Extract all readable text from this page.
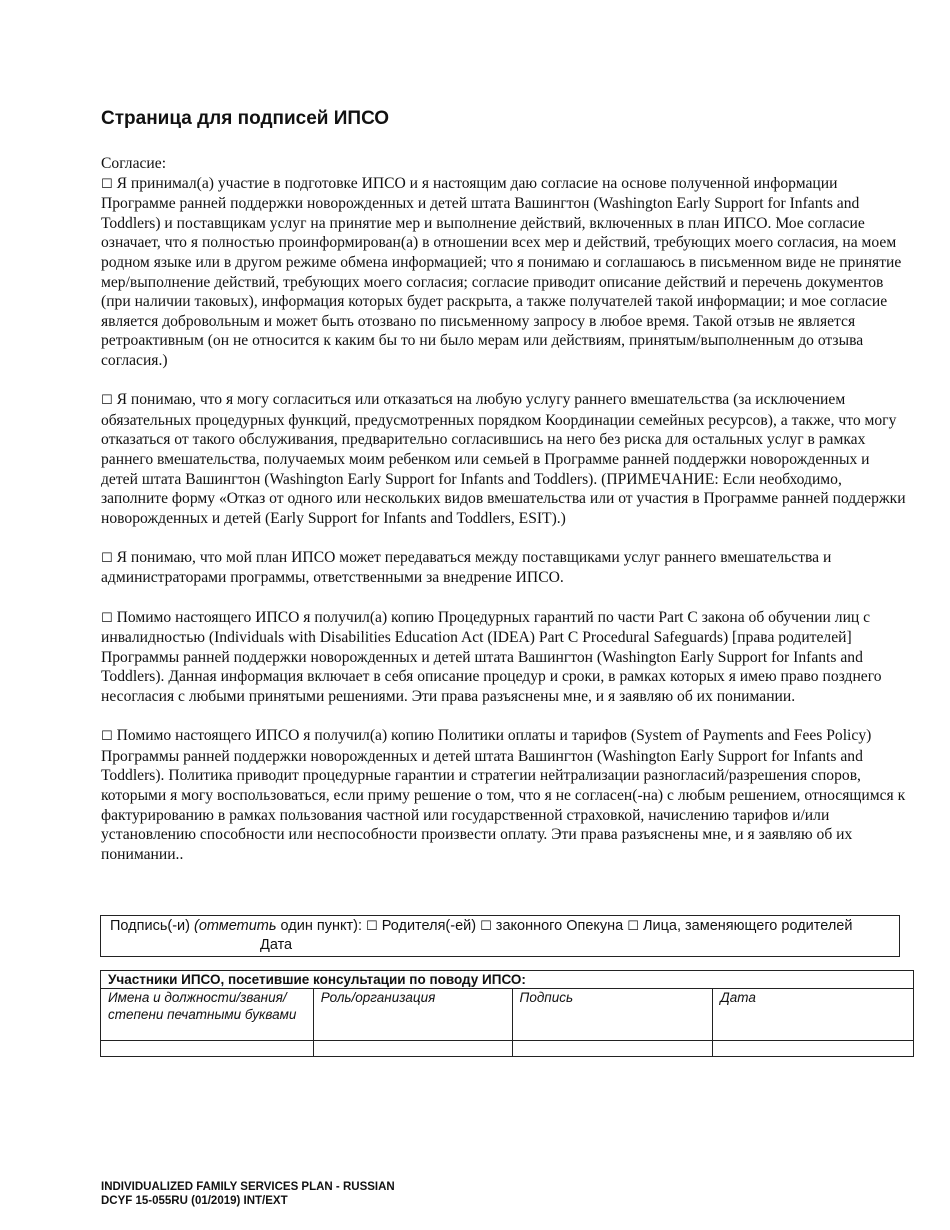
Страница для подписей ИПСО

Согласие:

☐ Я принимал(а) участие в подготовке ИПСО и я настоящим даю согласие на основе полученной информации Программе ранней поддержки новорожденных и детей штата Вашингтон (Washington Early Support for Infants and Toddlers) и поставщикам услуг на принятие мер и выполнение действий, включенных в план ИПСО. Мое согласие означает, что я полностью проинформирован(а) в отношении всех мер и действий, требующих моего согласия, на моем родном языке или в другом режиме обмена информацией; что я понимаю и соглашаюсь в письменном виде не принятие мер/выполнение действий, требующих моего согласия; согласие приводит описание действий и перечень документов (при наличии таковых), информация которых будет раскрыта, а также получателей такой информации; и мое согласие является добровольным и может быть отозвано по письменному запросу в любое время. Такой отзыв не является ретроактивным (он не относится к каким бы то ни было мерам или действиям, принятым/выполненным до отзыва согласия.)

☐ Я понимаю, что я могу согласиться или отказаться на любую услугу раннего вмешательства (за исключением обязательных процедурных функций, предусмотренных порядком Координации семейных ресурсов), а также, что могу отказаться от такого обслуживания, предварительно согласившись на него без риска для остальных услуг в рамках раннего вмешательства, получаемых моим ребенком или семьей в Программе ранней поддержки новорожденных и детей штата Вашингтон (Washington Early Support for Infants and Toddlers). (ПРИМЕЧАНИЕ: Если необходимо, заполните форму «Отказ от одного или нескольких видов вмешательства или от участия в Программе ранней поддержки новорожденных и детей (Early Support for Infants and Toddlers, ESIT).)

☐ Я понимаю, что мой план ИПСО может передаваться между поставщиками услуг раннего вмешательства и администраторами программы, ответственными за внедрение ИПСО.

☐ Помимо настоящего ИПСО я получил(а) копию Процедурных гарантий по части Part C закона об обучении лиц с инвалидностью (Individuals with Disabilities Education Act (IDEA) Part C Procedural Safeguards) [права родителей] Программы ранней поддержки новорожденных и детей штата Вашингтон (Washington Early Support for Infants and Toddlers). Данная информация включает в себя описание процедур и сроки, в рамках которых я имею право позднего несогласия с любыми принятыми решениями. Эти права разъяснены мне, и я заявляю об их понимании.

☐ Помимо настоящего ИПСО я получил(а) копию Политики оплаты и тарифов (System of Payments and Fees Policy) Программы ранней поддержки новорожденных и детей штата Вашингтон (Washington Early Support for Infants and Toddlers). Политика приводит процедурные гарантии и стратегии нейтрализации разногласий/разрешения споров, которыми я могу воспользоваться, если приму решение о том, что я не согласен(-на) с любым решением, относящимся к фактурированию в рамках пользования частной или государственной страховкой, начислению тарифов и/или установлению способности или неспособности произвести оплату. Эти права разъяснены мне, и я заявляю об их понимании..

Подпись(-и) (отметить один пункт): ☐ Родителя(-ей) ☐ законного Опекуна ☐ Лица, заменяющего родителей Дата
Участники ИПСО, посетившие консультации по поводу ИПСО:			
Имена и должности/звания/степени печатными буквами	Роль/организация	Подпись	Дата

INDIVIDUALIZED FAMILY SERVICES PLAN - RUSSIAN
DCYF 15-055RU (01/2019) INT/EXT
